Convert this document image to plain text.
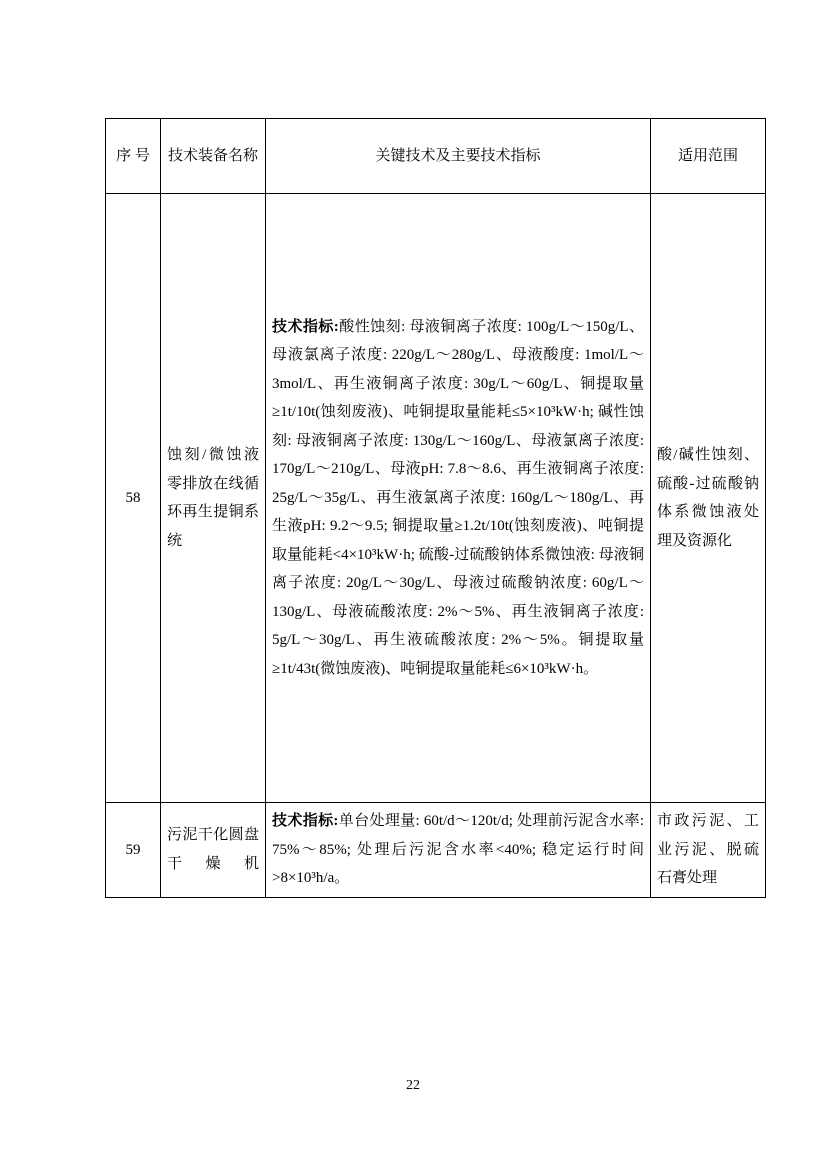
序 号	技术装备名称	关键技术及主要技术指标	适用范围
58	蚀刻/微蚀液零排放在线循环再生提铜系统	技术指标:酸性蚀刻: 母液铜离子浓度: 100g/L～150g/L、母液氯离子浓度: 220g/L～280g/L、母液酸度: 1mol/L～3mol/L、再生液铜离子浓度: 30g/L～60g/L、铜提取量≥1t/10t(蚀刻废液)、吨铜提取量能耗≤5×10³kW·h; 碱性蚀刻: 母液铜离子浓度: 130g/L～160g/L、母液氯离子浓度: 170g/L～210g/L、母液pH: 7.8～8.6、再生液铜离子浓度: 25g/L～35g/L、再生液氯离子浓度: 160g/L～180g/L、再生液pH: 9.2～9.5; 铜提取量≥1.2t/10t(蚀刻废液)、吨铜提取量能耗<4×10³kW·h; 硫酸-过硫酸钠体系微蚀液: 母液铜离子浓度: 20g/L～30g/L、母液过硫酸钠浓度: 60g/L～130g/L、母液硫酸浓度: 2%～5%、再生液铜离子浓度: 5g/L～30g/L、再生液硫酸浓度: 2%～5%。铜提取量≥1t/43t(微蚀废液)、吨铜提取量能耗≤6×10³kW·h。	酸/碱性蚀刻、硫酸-过硫酸钠体系微蚀液处理及资源化
59	污泥干化圆盘干燥机	技术指标:单台处理量: 60t/d～120t/d; 处理前污泥含水率: 75%～85%; 处理后污泥含水率<40%; 稳定运行时间>8×10³h/a。	市政污泥、工业污泥、脱硫石膏处理
22
